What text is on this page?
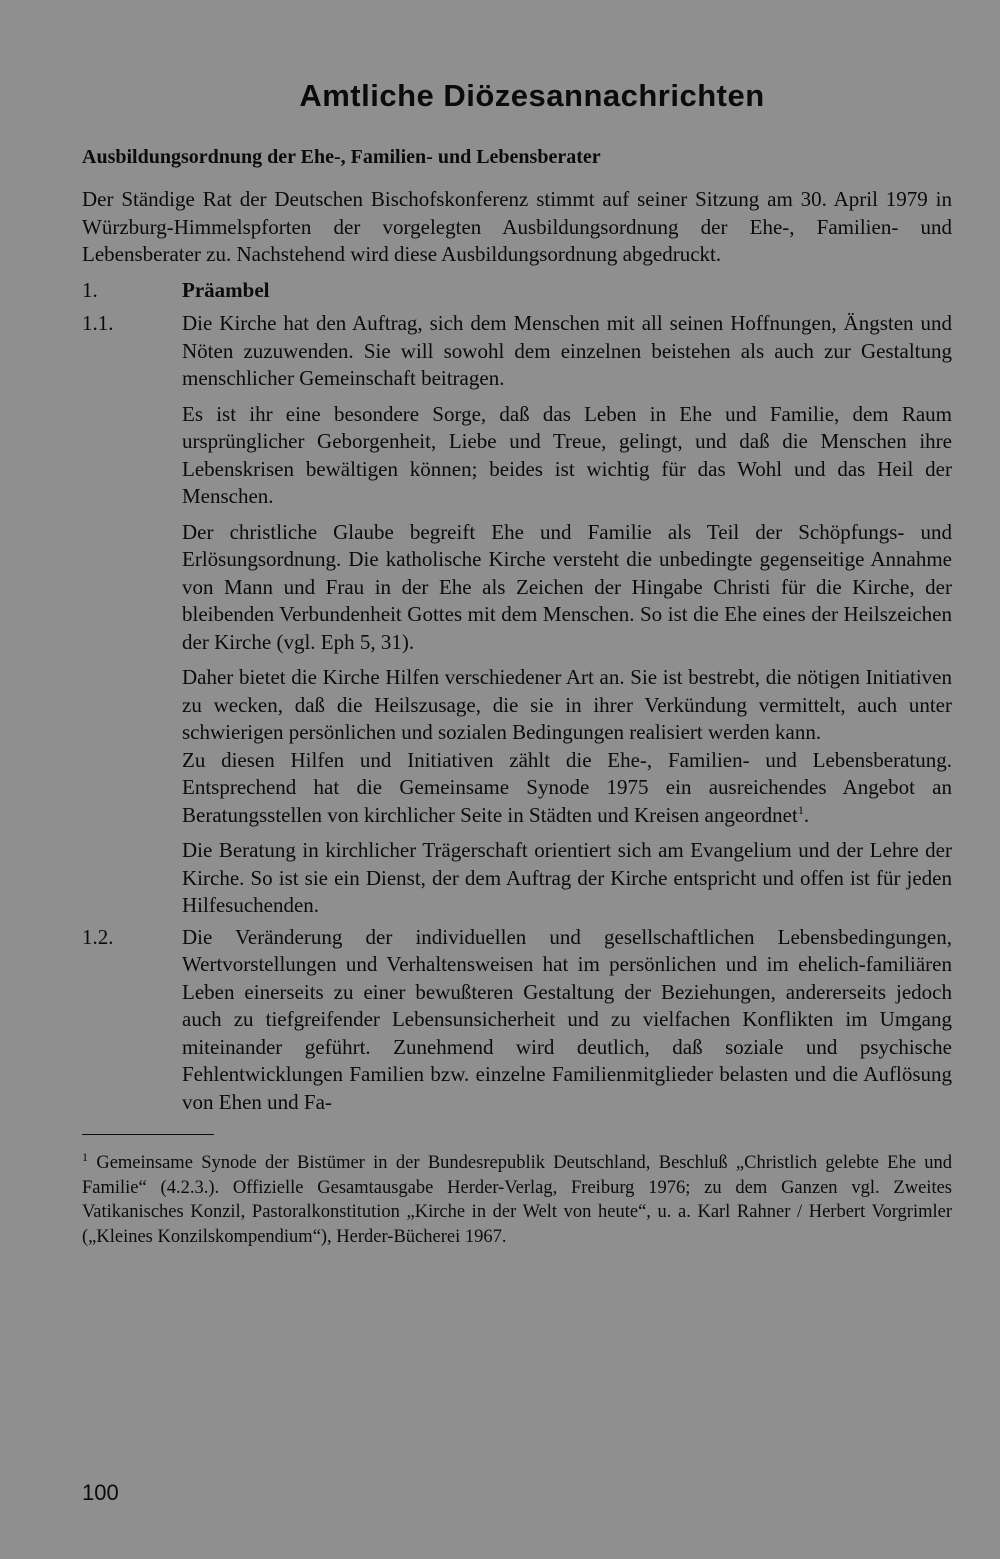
Amtliche Diözesannachrichten
Ausbildungsordnung der Ehe-, Familien- und Lebensberater

Der Ständige Rat der Deutschen Bischofskonferenz stimmt auf seiner Sitzung am 30. April 1979 in Würzburg-Himmelspforten der vorgelegten Ausbildungsordnung der Ehe-, Familien- und Lebensberater zu. Nachstehend wird diese Ausbildungsordnung abgedruckt.

1.	Präambel
1.1.	Die Kirche hat den Auftrag, sich dem Menschen mit all seinen Hoffnungen, Ängsten und Nöten zuzuwenden. Sie will sowohl dem einzelnen beistehen als auch zur Gestaltung menschlicher Gemeinschaft beitragen.

Es ist ihr eine besondere Sorge, daß das Leben in Ehe und Familie, dem Raum ursprünglicher Geborgenheit, Liebe und Treue, gelingt, und daß die Menschen ihre Lebenskrisen bewältigen können; beides ist wichtig für das Wohl und das Heil der Menschen.

Der christliche Glaube begreift Ehe und Familie als Teil der Schöpfungs- und Erlösungsordnung. Die katholische Kirche versteht die unbedingte gegenseitige Annahme von Mann und Frau in der Ehe als Zeichen der Hingabe Christi für die Kirche, der bleibenden Verbundenheit Gottes mit dem Menschen. So ist die Ehe eines der Heilszeichen der Kirche (vgl. Eph 5, 31).

Daher bietet die Kirche Hilfen verschiedener Art an. Sie ist bestrebt, die nötigen Initiativen zu wecken, daß die Heilszusage, die sie in ihrer Verkündung vermittelt, auch unter schwierigen persönlichen und sozialen Bedingungen realisiert werden kann.

Zu diesen Hilfen und Initiativen zählt die Ehe-, Familien- und Lebensberatung. Entsprechend hat die Gemeinsame Synode 1975 ein ausreichendes Angebot an Beratungsstellen von kirchlicher Seite in Städten und Kreisen angeordnet$^1$.

Die Beratung in kirchlicher Trägerschaft orientiert sich am Evangelium und der Lehre der Kirche. So ist sie ein Dienst, der dem Auftrag der Kirche entspricht und offen ist für jeden Hilfesuchenden.

1.2.	Die Veränderung der individuellen und gesellschaftlichen Lebensbedingungen, Wertvorstellungen und Verhaltensweisen hat im persönlichen und im ehelich-familiären Leben einerseits zu einer bewußteren Gestaltung der Beziehungen, andererseits jedoch auch zu tiefgreifender Lebensunsicherheit und zu vielfachen Konflikten im Umgang miteinander geführt. Zunehmend wird deutlich, daß soziale und psychische Fehlentwicklungen Familien bzw. einzelne Familienmitglieder belasten und die Auflösung von Ehen und Fa-

$^1$ Gemeinsame Synode der Bistümer in der Bundesrepublik Deutschland, Beschluß „Christlich gelebte Ehe und Familie“ (4.2.3.). Offizielle Gesamtausgabe Herder-Verlag, Freiburg 1976; zu dem Ganzen vgl. Zweites Vatikanisches Konzil, Pastoralkonstitution „Kirche in der Welt von heute“, u. a. Karl Rahner / Herbert Vorgrimler („Kleines Konzilskompendium“), Herder-Bücherei 1967.

100
